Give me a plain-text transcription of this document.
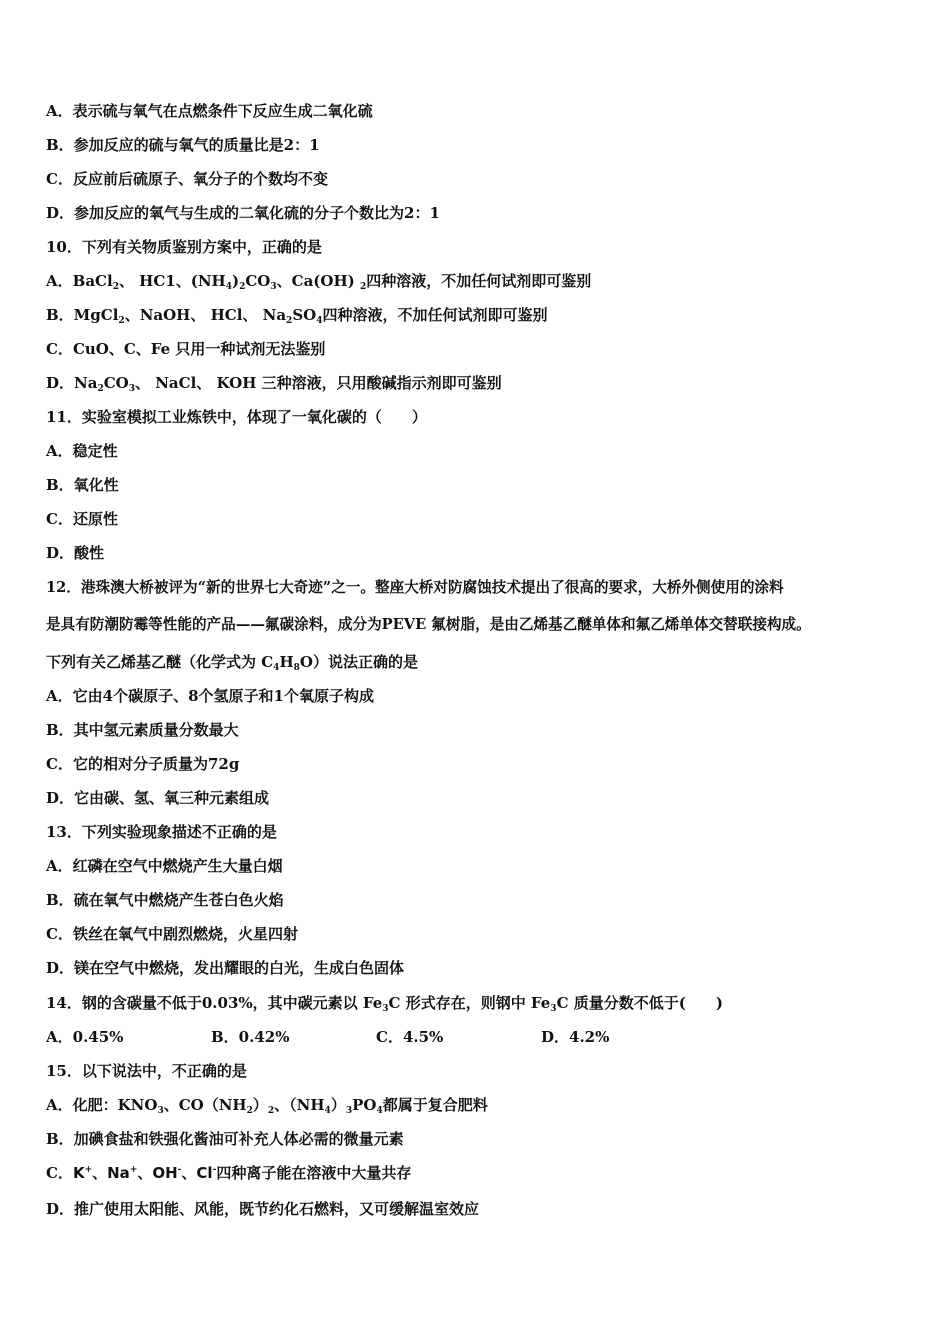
A．表示硫与氧气在点燃条件下反应生成二氧化硫
B．参加反应的硫与氧气的质量比是2：1
C．反应前后硫原子、氧分子的个数均不变
D．参加反应的氧气与生成的二氧化硫的分子个数比为2：1
10．下列有关物质鉴别方案中，正确的是
A．BaCl$_2$、 HC1、$(NH_4)_2CO_3$、Ca(OH) $_2$四种溶液，不加任何试剂即可鉴别
B．MgCl$_2$、NaOH、 HCl、 $Na_2SO_4$四种溶液，不加任何试剂即可鉴别
C．CuO、C、Fe 只用一种试剂无法鉴别
D．$Na_2CO_3$、 NaCl、 KOH 三种溶液，只用酸碱指示剂即可鉴别
11．实验室模拟工业炼铁中，体现了一氧化碳的（　　）
A．稳定性
B．氧化性
C．还原性
D．酸性
12．港珠澳大桥被评为“新的世界七大奇迹”之一。整座大桥对防腐蚀技术提出了很高的要求，大桥外侧使用的涂料
是具有防潮防霉等性能的产品——氟碳涂料，成分为PEVE 氟树脂，是由乙烯基乙醚单体和氟乙烯单体交替联接构成。
下列有关乙烯基乙醚（化学式为 $C_4H_8O$）说法正确的是
A．它由4个碳原子、8个氢原子和1个氧原子构成
B．其中氢元素质量分数最大
C．它的相对分子质量为72g
D．它由碳、氢、氧三种元素组成
13．下列实验现象描述不正确的是
A．红磷在空气中燃烧产生大量白烟
B．硫在氧气中燃烧产生苍白色火焰
C．铁丝在氧气中剧烈燃烧，火星四射
D．镁在空气中燃烧，发出耀眼的白光，生成白色固体
14．钢的含碳量不低于0.03%，其中碳元素以 $Fe_3C$ 形式存在，则钢中 $Fe_3C$ 质量分数不低于(　　)
A．0.45%	B．0.42%	C．4.5%	D．4.2%
15．以下说法中，不正确的是
A．化肥：$KNO_3$、$CO(NH_2)_2$、$(NH_4)_3PO_4$都属于复合肥料
B．加碘食盐和铁强化酱油可补充人体必需的微量元素
C．K+、Na+、OH-、Cl-四种离子能在溶液中大量共存
D．推广使用太阳能、风能，既节约化石燃料，又可缓解温室效应
